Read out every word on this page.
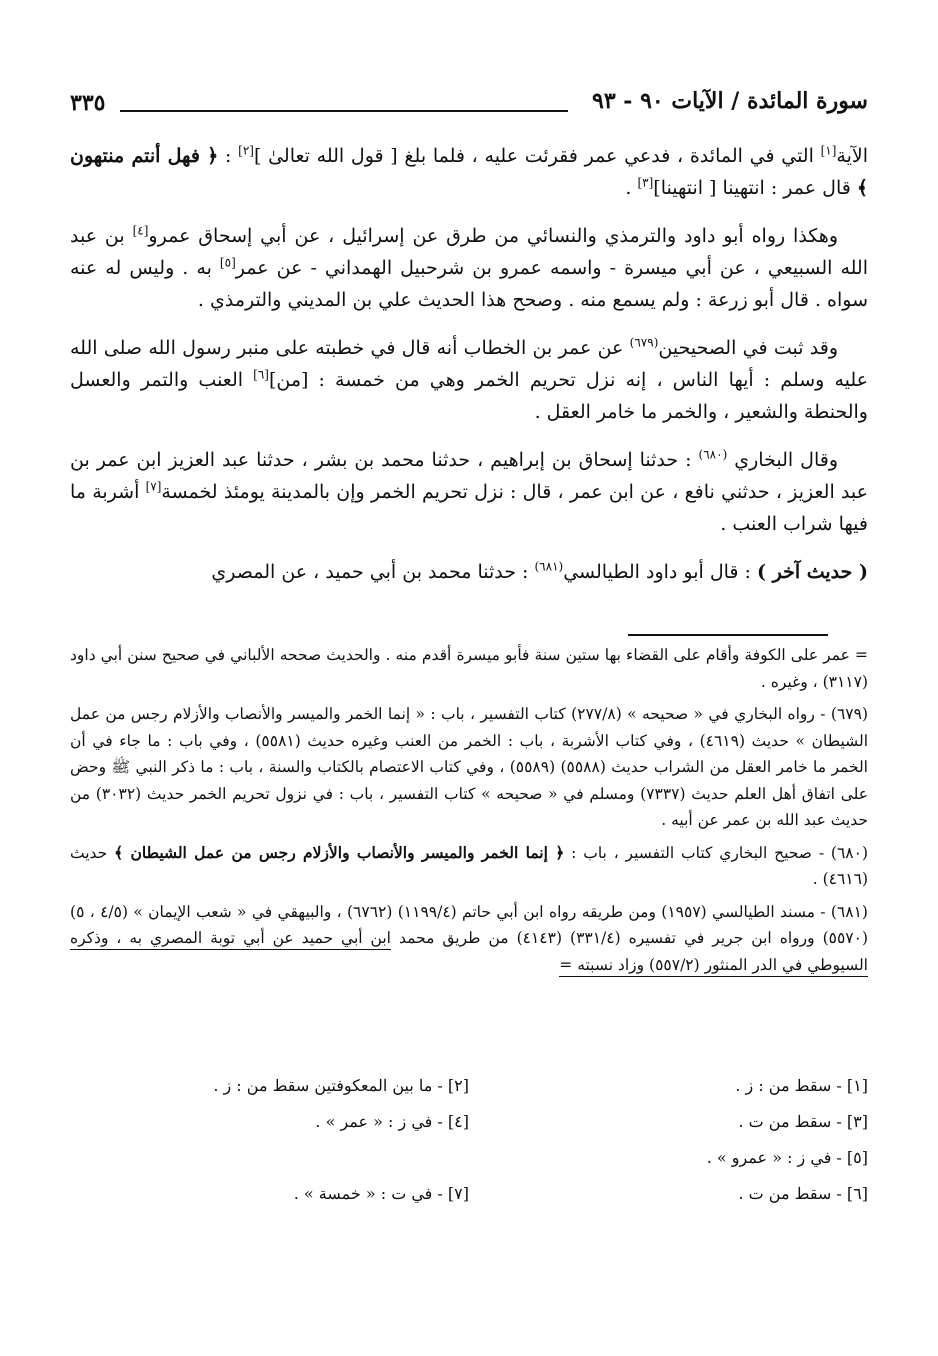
٣٣٥	سورة المائدة / الآيات ٩٠ - ٩٣

الآية[١] التي في المائدة ، فدعي عمر فقرئت عليه ، فلما بلغ [ قول الله تعالىٰ ][٢] : ﴿ فهل أنتم منتهون ﴾ قال عمر : انتهينا [ انتهينا][٣] .

وهكذا رواه أبو داود والترمذي والنسائي من طرق عن إسرائيل ، عن أبي إسحاق عمرو[٤] بن عبد الله السبيعي ، عن أبي ميسرة - واسمه عمرو بن شرحبيل الهمداني - عن عمر[٥] به . وليس له عنه سواه . قال أبو زرعة : ولم يسمع منه . وصحح هذا الحديث علي بن المديني والترمذي .

وقد ثبت في الصحيحين$^{(٦٧٩)}$ عن عمر بن الخطاب أنه قال في خطبته على منبر رسول الله صلى الله عليه وسلم : أيها الناس ، إنه نزل تحريم الخمر وهي من خمسة : [من][٦] العنب والتمر والعسل والحنطة والشعير ، والخمر ما خامر العقل .

وقال البخاري $^{(٦٨٠)}$ : حدثنا إسحاق بن إبراهيم ، حدثنا محمد بن بشر ، حدثنا عبد العزيز ابن عمر بن عبد العزيز ، حدثني نافع ، عن ابن عمر ، قال : نزل تحريم الخمر وإن بالمدينة يومئذ لخمسة[٧] أشربة ما فيها شراب العنب .

( حديث آخر ) : قال أبو داود الطيالسي$^{(٦٨١)}$ : حدثنا محمد بن أبي حميد ، عن المصري

= عمر على الكوفة وأقام على القضاء بها ستين سنة فأبو ميسرة أقدم منه . والحديث صححه الألباني في صحيح سنن أبي داود (٣١١٧) ، وغيره .

(٦٧٩) - رواه البخاري في « صحيحه » (٢٧٧/٨) كتاب التفسير ، باب : « إنما الخمر والميسر والأنصاب والأزلام رجس من عمل الشيطان » حديث (٤٦١٩) ، وفي كتاب الأشربة ، باب : الخمر من العنب وغيره حديث (٥٥٨١) ، وفي باب : ما جاء في أن الخمر ما خامر العقل من الشراب حديث (٥٥٨٨) (٥٥٨٩) ، وفي كتاب الاعتصام بالكتاب والسنة ، باب : ما ذكر النبي ﷺ وحض على اتفاق أهل العلم حديث (٧٣٣٧) ومسلم في « صحيحه » كتاب التفسير ، باب : في نزول تحريم الخمر حديث (٣٠٣٢) من حديث عبد الله بن عمر عن أبيه .

(٦٨٠) - صحيح البخاري كتاب التفسير ، باب : ﴿ إنما الخمر والميسر والأنصاب والأزلام رجس من عمل الشيطان ﴾ حديث (٤٦١٦) .

(٦٨١) - مسند الطيالسي (١٩٥٧) ومن طريقه رواه ابن أبي حاتم (١١٩٩/٤) (٦٧٦٢) ، والبيهقي في « شعب الإيمان » (٤/٥ ، ٥) (٥٥٧٠) ورواه ابن جرير في تفسيره (٣٣١/٤) (٤١٤٣) من طريق محمد ابن أبي حميد عن أبي توبة المصري به ، وذكره السيوطي في الدر المنثور (٥٥٧/٢) وزاد نسبته =

[١] - سقط من : ز .
[٢] - ما بين المعكوفتين سقط من : ز .
[٣] - سقط من ت .
[٤] - في ز : « عمر » .
[٥] - في ز : « عمرو » .
[٦] - سقط من ت .
[٧] - في ت : « خمسة » .
